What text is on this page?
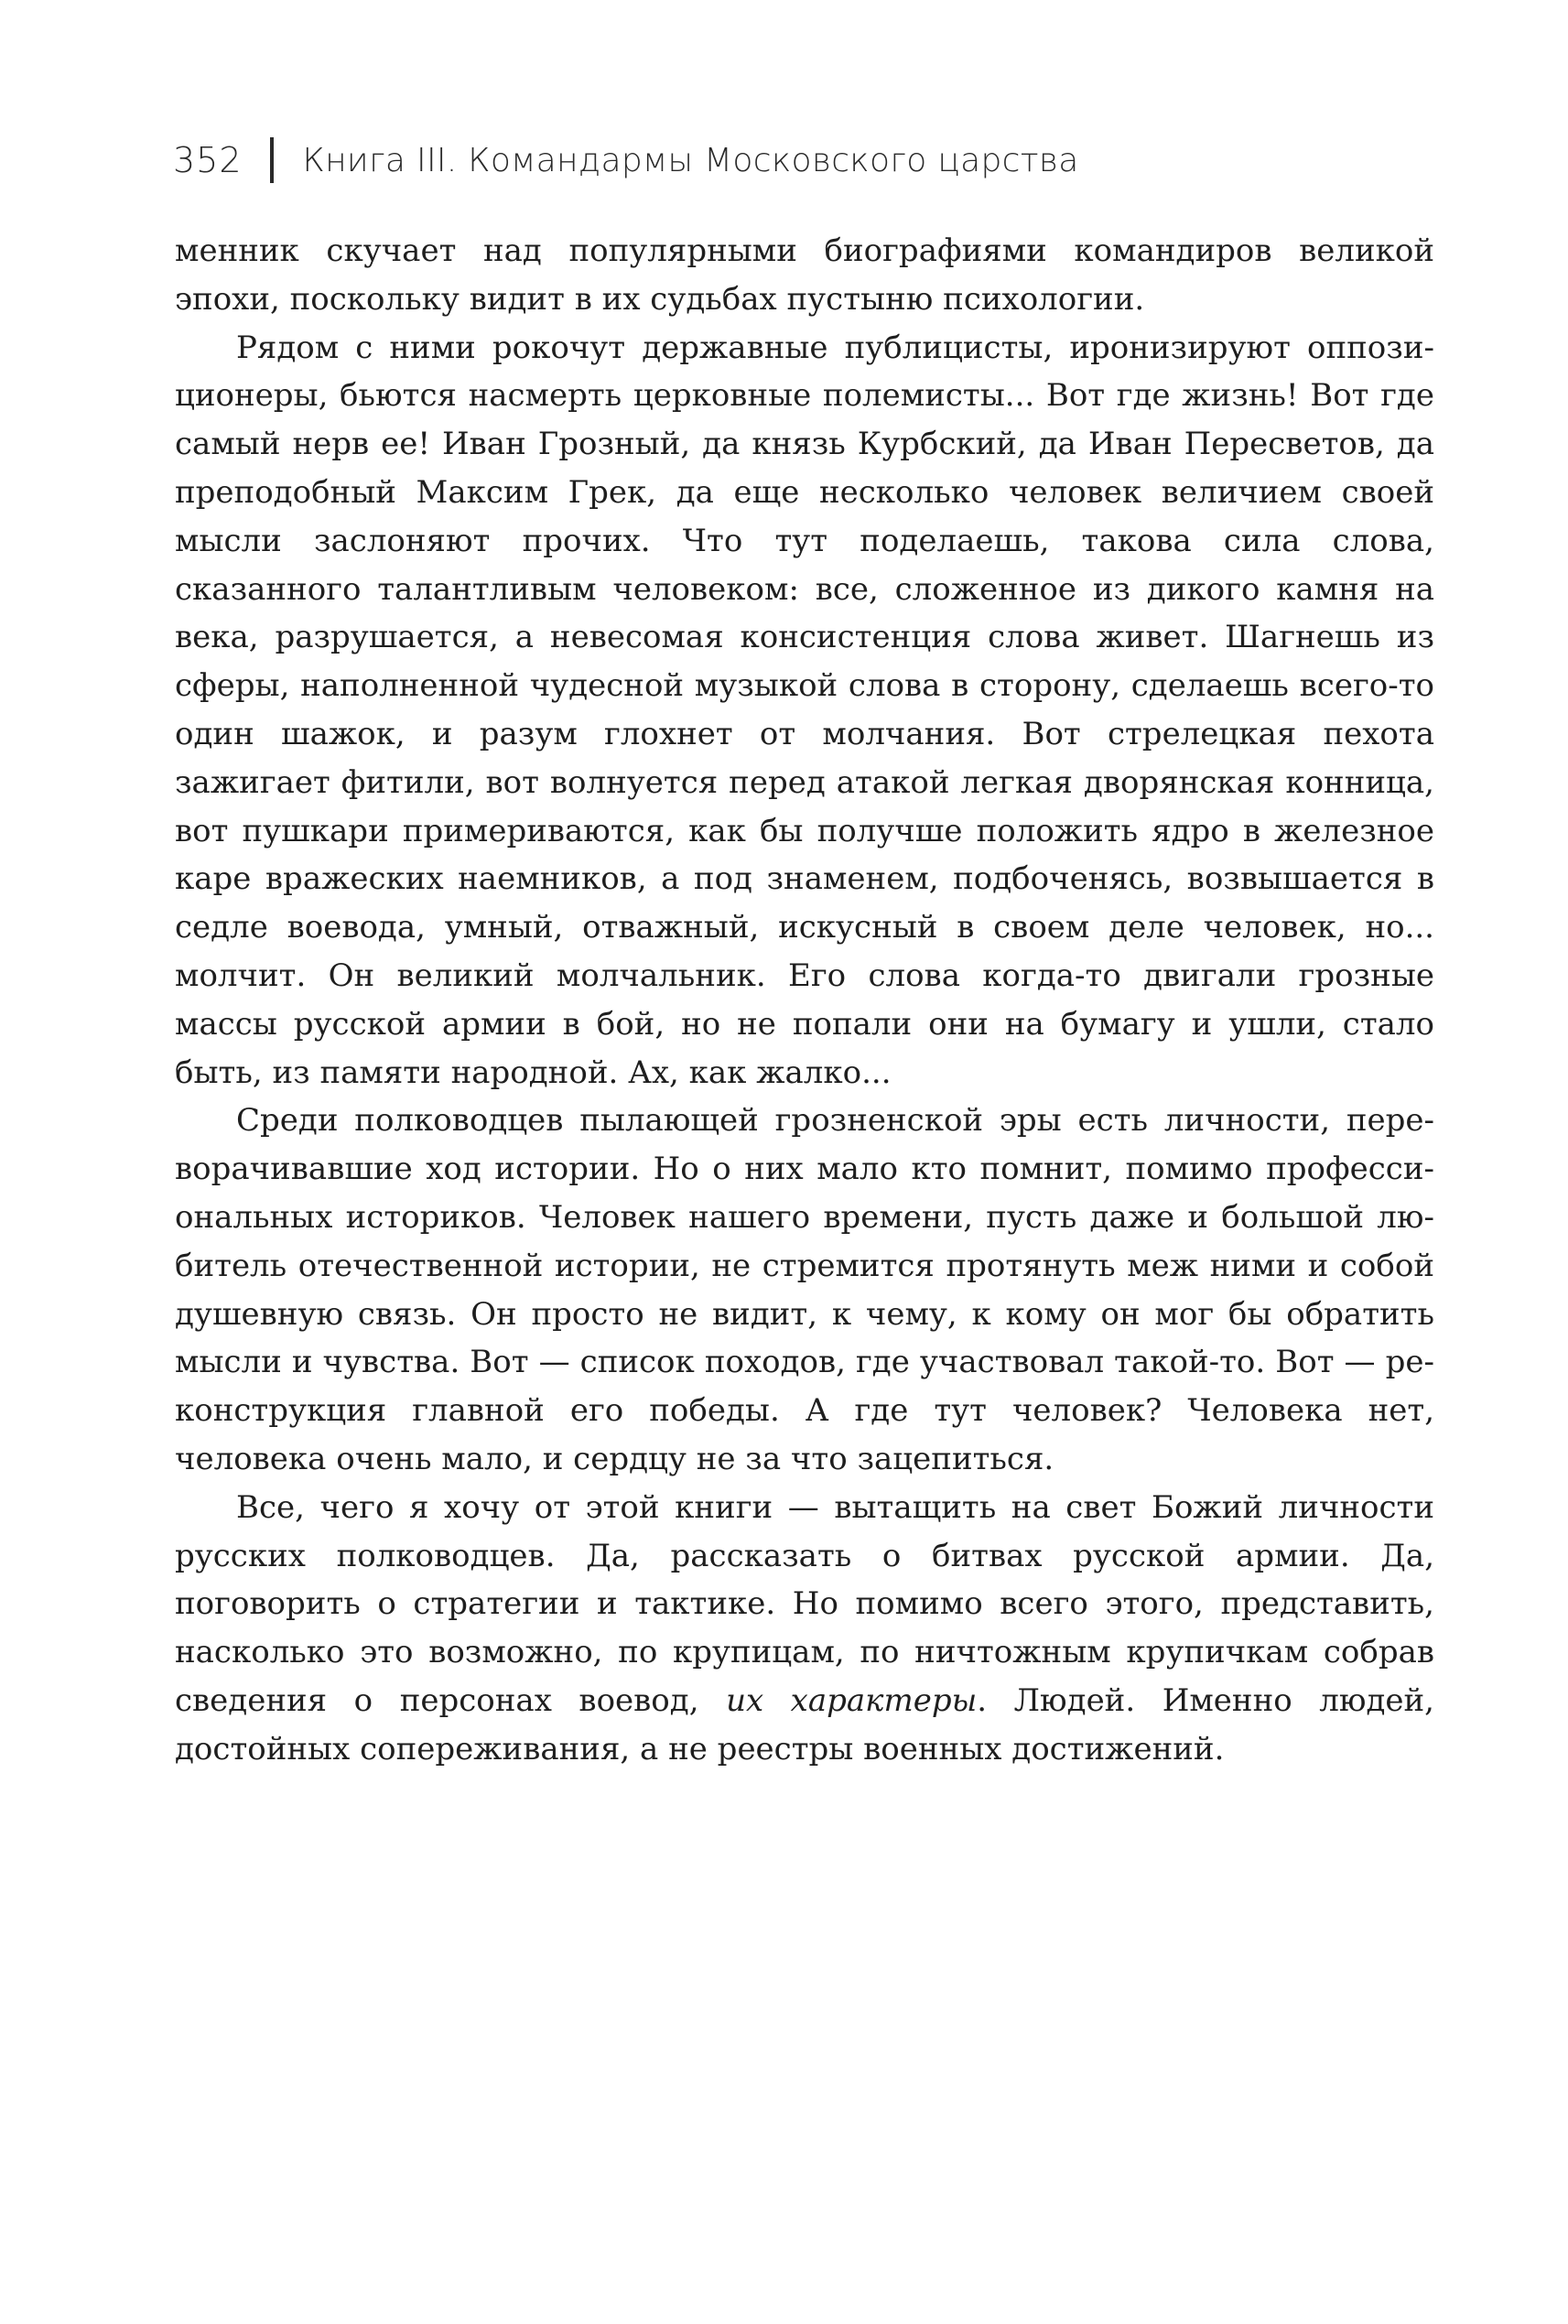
352 Книга III. Командармы Московского царства

менник скучает над популярными биографиями командиров великой эпохи, поскольку видит в их судьбах пустыню психологии.

Рядом с ними рокочут державные публицисты, иронизируют оппозиционеры, бьются насмерть церковные полемисты... Вот где жизнь! Вот где самый нерв ее! Иван Грозный, да князь Курбский, да Иван Пересветов, да преподобный Максим Грек, да еще несколько человек величием своей мысли заслоняют прочих. Что тут поделаешь, такова сила слова, сказанного талантливым человеком: все, сложенное из дикого камня на века, разрушается, а невесомая консистенция слова живет. Шагнешь из сферы, наполненной чудесной музыкой слова в сторону, сделаешь всего-то один шажок, и разум глохнет от молчания. Вот стрелецкая пехота зажигает фитили, вот волнуется перед атакой легкая дворянская конница, вот пушкари примериваются, как бы получше положить ядро в железное каре вражеских наемников, а под знаменем, подбоченясь, возвышается в седле воевода, умный, отважный, искусный в своем деле человек, но... молчит. Он великий молчальник. Его слова когда-то двигали грозные массы русской армии в бой, но не попали они на бумагу и ушли, стало быть, из памяти народной. Ах, как жалко...

Среди полководцев пылающей грозненской эры есть личности, переворачивавшие ход истории. Но о них мало кто помнит, помимо профессиональных историков. Человек нашего времени, пусть даже и большой любитель отечественной истории, не стремится протянуть меж ними и собой душевную связь. Он просто не видит, к чему, к кому он мог бы обратить мысли и чувства. Вот — список походов, где участвовал такой-то. Вот — реконструкция главной его победы. А где тут человек? Человека нет, человека очень мало, и сердцу не за что зацепиться.

Все, чего я хочу от этой книги — вытащить на свет Божий личности русских полководцев. Да, рассказать о битвах русской армии. Да, поговорить о стратегии и тактике. Но помимо всего этого, представить, насколько это возможно, по крупицам, по ничтожным крупичкам собрав сведения о персонах воевод, их характеры. Людей. Именно людей, достойных сопереживания, а не реестры военных достижений.
